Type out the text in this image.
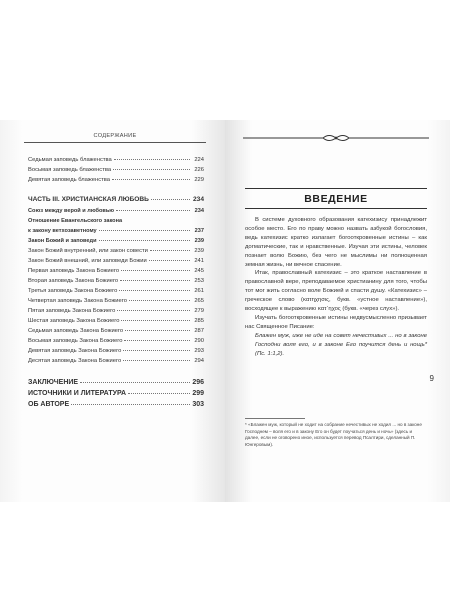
СОДЕРЖАНИЕ
Седьмая заповедь блаженства	224
Восьмая заповедь блаженства	226
Девятая заповедь блаженства	229
ЧАСТЬ III. ХРИСТИАНСКАЯ ЛЮБОВЬ	234
Союз между верой и любовью	234
Отношение Евангельского закона
к закону ветхозаветному	237
Закон Божий и заповеди	239
Закон Божий внутренний, или закон совести	239
Закон Божий внешний, или заповеди Божии	241
Первая заповедь Закона Божиего	245
Вторая заповедь Закона Божиего	253
Третья заповедь Закона Божиего	261
Четвертая заповедь Закона Божиего	265
Пятая заповедь Закона Божиего	279
Шестая заповедь Закона Божиего	285
Седьмая заповедь Закона Божиего	287
Восьмая заповедь Закона Божиего	290
Девятая заповедь Закона Божиего	293
Десятая заповедь Закона Божиего	294
ЗАКЛЮЧЕНИЕ	296
ИСТОЧНИКИ И ЛИТЕРАТУРА	299
ОБ АВТОРЕ	303
ВВЕДЕНИЕ

В системе духовного образования катехизису принадлежит особое место. Его по праву можно назвать азбукой богословия, ведь катехизис кратко излагает богооткровенные истины – как догматические, так и нравственные. Изучая эти истины, человек познает волю Божию, без чего не мыслимы ни полноценная земная жизнь, ни вечное спасение.

Итак, православный катехизис – это краткое наставление в православной вере, преподаваемое христианину для того, чтобы тот мог жить согласно воле Божией и спасти душу. «Катехизис» – греческое слово (κατηχησις, букв. «устное наставление»), восходящее к выражению κατ᾽ηχος (букв. «через слух»).

Изучать богооткровенные истины недвусмысленно призывает нас Священное Писание:

Блажен муж, иже не иде на совет нечестивых ... но в законе Господни воля его, и в законе Его поучится день и нощь* (Пс. 1:1,2).

9
* «Блажен муж, который не ходит на собрание нечестивых не ходил ... но в законе Господнем – воля его и в закону Его он будет поучаться день и ночь» (здесь и далее, если не оговорено иное, используется перевод Псалтири, сделанный П. Юнгеровым).
